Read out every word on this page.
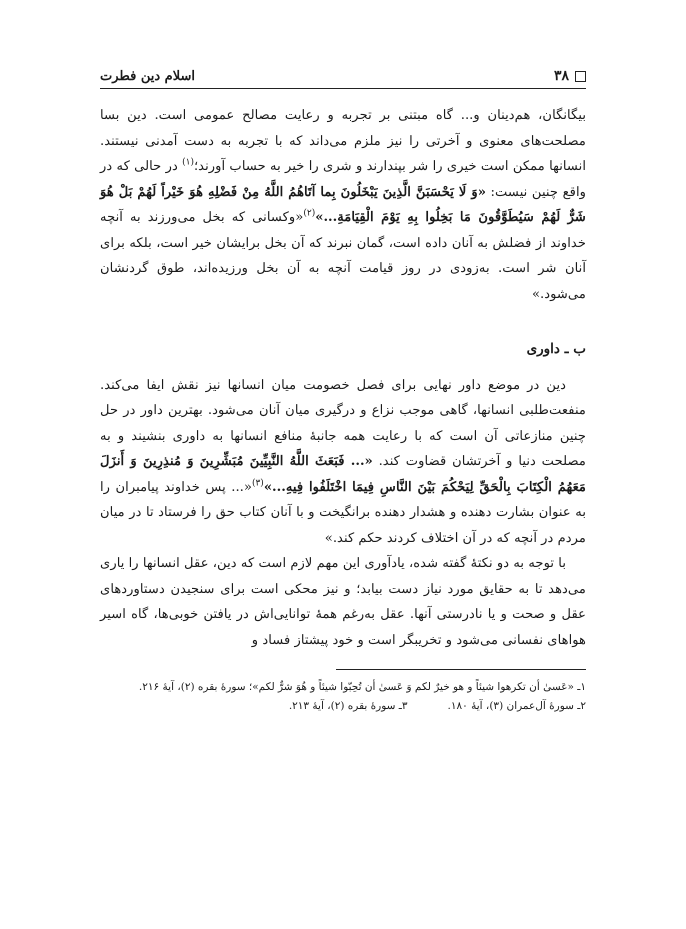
۳۸
اسلام دین فطرت

بیگانگان، هم‌دینان و... گاه مبتنی بر تجربه و رعایت مصالح عمومی است. دین بسا مصلحت‌های معنوی و آخرتی را نیز ملزم می‌داند که با تجربه به دست آمدنی نیستند. انسانها ممکن است خیری را شر بپندارند و شری را خیر به حساب آورند؛$^{(۱)}$ در حالی که در واقع چنین نیست: «وَ لَا یَحْسَبَنَّ الَّذِینَ یَبْخَلُونَ بِما آتَاهُمُ اللَّهُ مِنْ فَضْلِهِ هُوَ خَیْراً لَهُمْ بَلْ هُوَ شَرٌّ لَهُمْ سَیُطَوَّقُونَ مَا بَخِلُوا بِهِ یَوْمَ الْقِیَامَةِ...»$^{(۲)}$«وکسانی که بخل می‌ورزند به آنچه خداوند از فضلش به آنان داده است، گمان نبرند که آن بخل برایشان خیر است، بلکه برای آنان شر است. به‌زودی در روز قیامت آنچه به آن بخل ورزیده‌اند، طوق گردنشان می‌شود.»

ب ـ داوری

دین در موضع داور نهایی برای فصل خصومت میان انسانها نیز نقش ایفا می‌کند. منفعت‌طلبی انسانها، گاهی موجب نزاع و درگیری میان آنان می‌شود. بهترین داور در حل چنین منازعاتی آن است که با رعایت همه جانبهٔ منافع انسانها به داوری بنشیند و به مصلحت دنیا و آخرتشان قضاوت کند. «... فَبَعَثَ اللَّهُ النَّبِیِّینَ مُبَشِّرِینَ وَ مُنذِرِینَ وَ أَنزَلَ مَعَهُمُ الْکِتَابَ بِالْحَقِّ لِیَحْکُمَ بَیْنَ النَّاسِ فِیمَا اخْتَلَفُوا فِیهِ...»$^{(۳)}$«... پس خداوند پیامبران را به عنوان بشارت دهنده و هشدار دهنده برانگیخت و با آنان کتاب حق را فرستاد تا در میان مردم در آنچه که در آن اختلاف کردند حکم کند.»

با توجه به دو نکتهٔ گفته شده، یادآوری این مهم لازم است که دین، عقل انسانها را یاری می‌دهد تا به حقایق مورد نیاز دست بیابد؛ و نیز محکی است برای سنجیدن دستاوردهای عقل و صحت و یا نادرستی آنها. عقل به‌رغم همهٔ توانایی‌اش در یافتن خوبی‌ها، گاه اسیر هواهای نفسانی می‌شود و تخریبگر است و خود پیشتاز فساد و

۱ـ «عَسیٰ أن تکرهوا شیئاً و هو خیرٌ لکم وَ عَسیٰ أن تُحِبّوا شیئاً و هُوَ شرٌّ لکم»؛ سورهٔ بقره (۲)، آیهٔ ۲۱۶.
۲ـ سورهٔ آل‌عمران (۳)، آیهٔ ۱۸۰.
۳ـ سورهٔ بقره (۲)، آیهٔ ۲۱۳.
